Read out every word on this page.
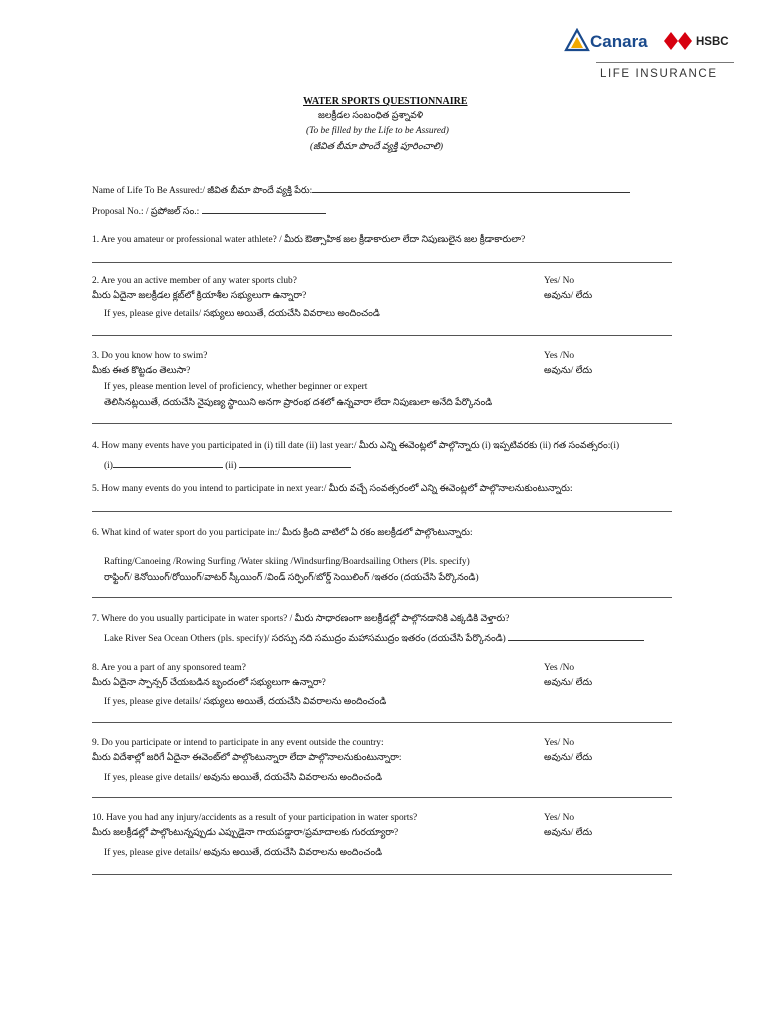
Canara	HSBC
LIFE INSURANCE
WATER SPORTS QUESTIONNAIRE
జలక్రీడల సంబంధిత ప్రశ్నావళి
(To be filled by the Life to be Assured)
(జీవిత బీమా పొందే వ్యక్తి పూరించాలి)
Name of Life To Be Assured:/ జీవిత బీమా పొందే వ్యక్తి పేరు:
Proposal No.: / ప్రపోజల్ సం.:
1. Are you amateur or professional water athlete? / మీరు ఔత్సాహిక జల క్రీడాకారులా లేదా నిపుణులైన జల క్రీడాకారులా?
2. Are you an active member of any water sports club?
మీరు ఏదైనా జలక్రీడల క్లబ్‌లో క్రియాశీల సభ్యులుగా ఉన్నారా?
Yes/ No
అవును/ లేదు
If yes, please give details/ సభ్యులు అయితే, దయచేసి వివరాలు అందించండి
3. Do you know how to swim?
మీకు ఈత కొట్టడం తెలుసా?
Yes /No
అవును/ లేదు
If yes, please mention level of proficiency, whether beginner or expert
తెలిసినట్లయితే, దయచేసి నైపుణ్య స్థాయిని అనగా ప్రారంభ దశలో ఉన్నవారా లేదా నిపుణులా అనేది పేర్కొనండి
4. How many events have you participated in (i) till date (ii) last year:/ మీరు ఎన్ని ఈవెంట్లలో పాల్గొన్నారు (i) ఇప్పటివరకు (ii) గత సంవత్సరం:(i)
(i)	(ii)
5. How many events do you intend to participate in next year:/ మీరు వచ్చే సంవత్సరంలో ఎన్ని ఈవెంట్లలో పాల్గొనాలనుకుంటున్నారు:
6. What kind of water sport do you participate in:/ మీరు క్రింది వాటిలో ఏ రకం జలక్రీడలో పాల్గొంటున్నారు:
Rafting/Canoeing /Rowing Surfing /Water skiing /Windsurfing/Boardsailing Others (Pls. specify)
రాఫ్టింగ్/ కెనోయింగ్/రోయింగ్/వాటర్ స్కీయింగ్ /విండ్ సర్ఫింగ్/బోర్డ్ సెయిలింగ్ /ఇతరం (దయచేసి పేర్కొనండి)
7. Where do you usually participate in water sports? / మీరు సాధారణంగా జలక్రీడల్లో పాల్గొనడానికి ఎక్కడికి వెళ్తారు?
Lake River Sea Ocean Others (pls. specify)/ సరస్సు నది సముద్రం మహాసముద్రం ఇతరం (దయచేసి పేర్కొనండి)
8. Are you a part of any sponsored team?
మీరు ఏదైనా స్పాన్సర్ చేయబడిన బృందంలో సభ్యులుగా ఉన్నారా?
Yes /No
అవును/ లేదు
If yes, please give details/ సభ్యులు అయితే, దయచేసి వివరాలను అందించండి
9. Do you participate or intend to participate in any event outside the country:
మీరు విదేశాల్లో జరిగే ఏదైనా ఈవెంట్‌లో పాల్గొంటున్నారా లేదా పాల్గొనాలనుకుంటున్నారా:
Yes/ No
అవును/ లేదు
If yes, please give details/ అవును అయితే, దయచేసి వివరాలను అందించండి
10. Have you had any injury/accidents as a result of your participation in water sports?
మీరు జలక్రీడల్లో పాల్గొంటున్నప్పుడు ఎప్పుడైనా గాయపడ్డారా/ప్రమాదాలకు గురయ్యారా?
Yes/ No
అవును/ లేదు
If yes, please give details/ అవును అయితే, దయచేసి వివరాలను అందించండి
